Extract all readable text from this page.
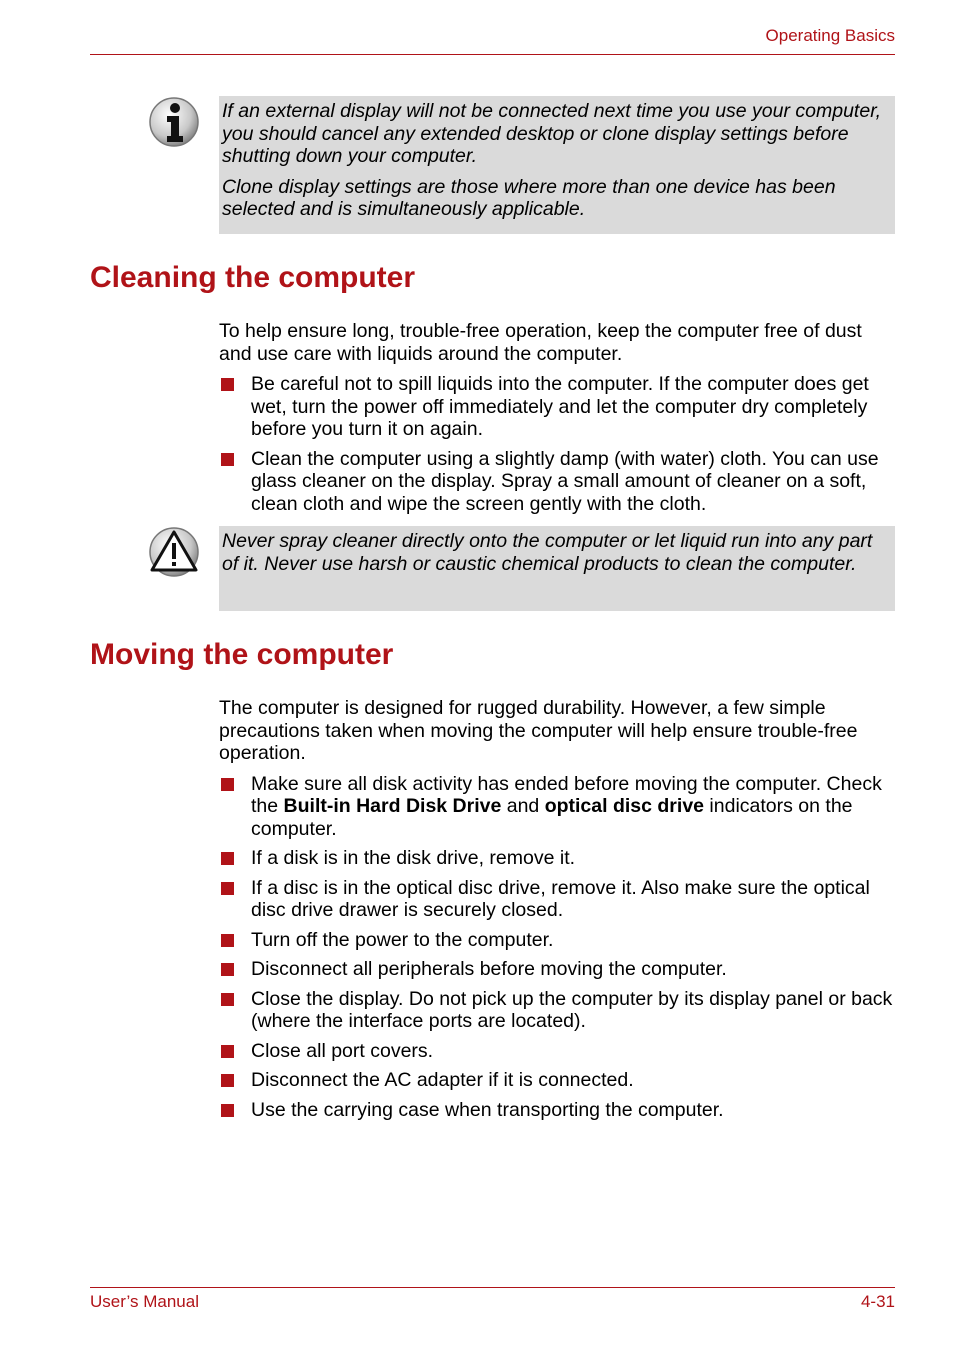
Operating Basics

If an external display will not be connected next time you use your computer, you should cancel any extended desktop or clone display settings before shutting down your computer.

Clone display settings are those where more than one device has been selected and is simultaneously applicable.

Cleaning the computer

To help ensure long, trouble-free operation, keep the computer free of dust and use care with liquids around the computer.

Be careful not to spill liquids into the computer. If the computer does get wet, turn the power off immediately and let the computer dry completely before you turn it on again.
Clean the computer using a slightly damp (with water) cloth. You can use glass cleaner on the display. Spray a small amount of cleaner on a soft, clean cloth and wipe the screen gently with the cloth.

Never spray cleaner directly onto the computer or let liquid run into any part of it. Never use harsh or caustic chemical products to clean the computer.

Moving the computer

The computer is designed for rugged durability. However, a few simple precautions taken when moving the computer will help ensure trouble-free operation.

Make sure all disk activity has ended before moving the computer. Check the Built-in Hard Disk Drive and optical disc drive indicators on the computer.
If a disk is in the disk drive, remove it.
If a disc is in the optical disc drive, remove it. Also make sure the optical disc drive drawer is securely closed.
Turn off the power to the computer.
Disconnect all peripherals before moving the computer.
Close the display. Do not pick up the computer by its display panel or back (where the interface ports are located).
Close all port covers.
Disconnect the AC adapter if it is connected.
Use the carrying case when transporting the computer.
User’s Manual	4-31
